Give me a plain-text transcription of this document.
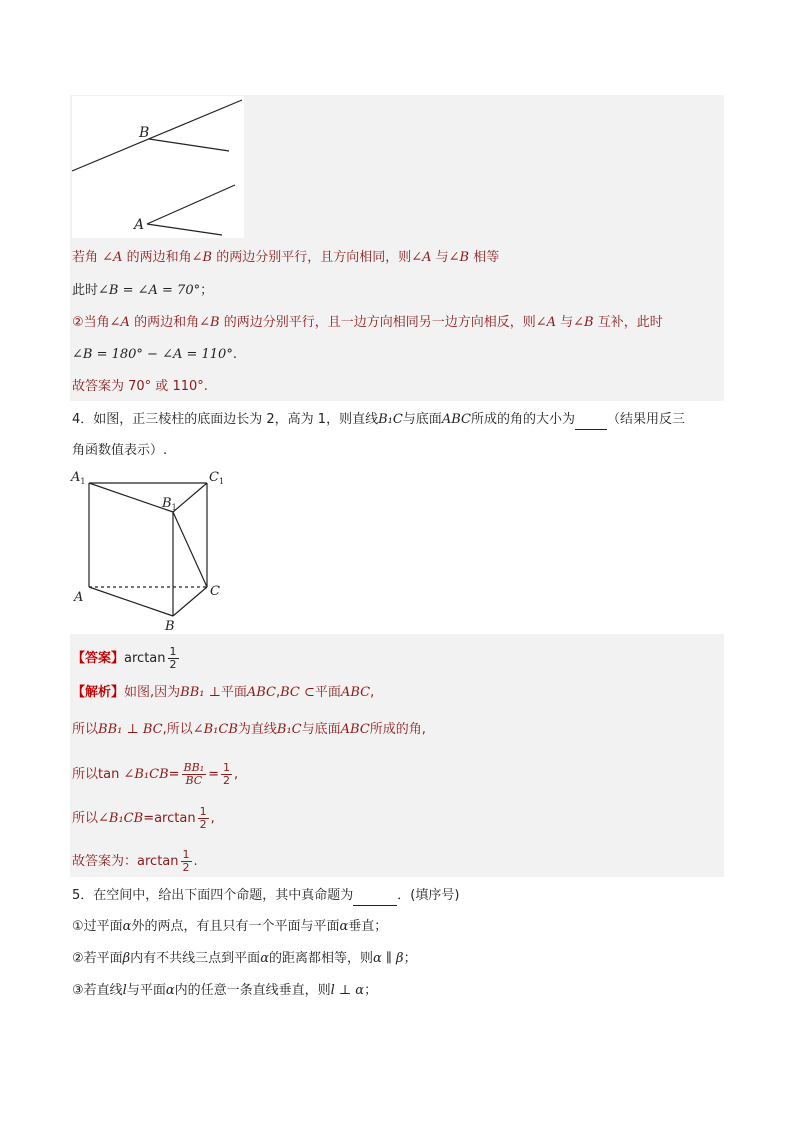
B
A
若角 ∠A 的两边和角∠B 的两边分别平行，且方向相同，则∠A 与∠B 相等
此时∠B = ∠A = 70°；
②当角∠A 的两边和角∠B 的两边分别平行，且一边方向相同另一边方向相反，则∠A 与∠B 互补，此时
∠B = 180° − ∠A = 110°.
故答案为 70° 或 110°.
4．如图，正三棱柱的底面边长为 2，高为 1，则直线B₁C与底面ABC所成的角的大小为 （结果用反三
角函数值表示）.
$A_1$	$C_1$
$B_1$
A	C
B
【答案】$\arctan \frac{1}{2}$
【解析】如图,因为BB₁ ⊥平面ABC,BC ⊂平面ABC,
所以BB₁ ⊥ BC,所以∠B₁CB为直线B₁C与底面ABC所成的角,
所以tan ∠B₁CB= $\frac{\text{BB₁}}{BC} = \frac{1}{2}$ ,
所以∠B₁CB=arctan $\frac{1}{2}$ ,
故答案为：$\arctan \frac{1}{2}$ .
5．在空间中，给出下面四个命题，其中真命题为	．(填序号)
①过平面α外的两点，有且只有一个平面与平面α垂直；
②若平面β内有不共线三点到平面α的距离都相等，则α ∥ β；
③若直线l与平面α内的任意一条直线垂直，则l ⊥ α；
